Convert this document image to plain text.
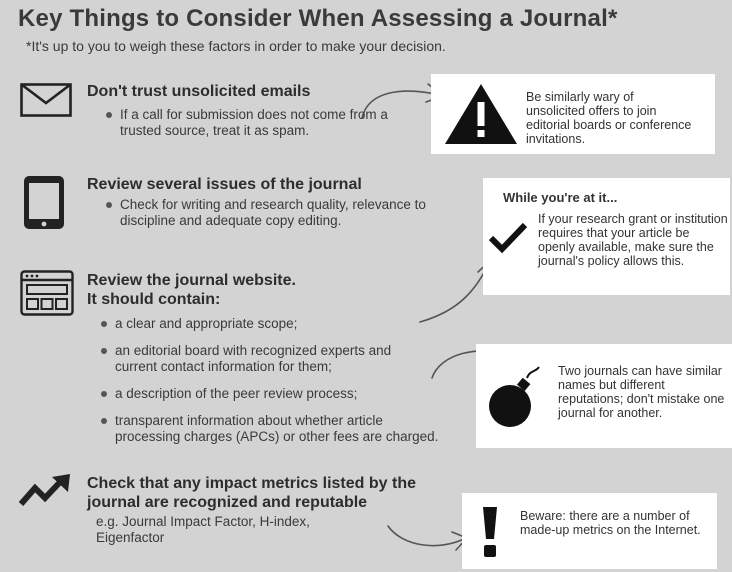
Key Things to Consider When Assessing a Journal*
*It's up to you to weigh these factors in order to make your decision.
Don't trust unsolicited emails
If a call for submission does not come from a trusted source, treat it as spam.
Review several issues of the journal
Check for writing and research quality, relevance to discipline and adequate copy editing.
Review the journal website.
It should contain:
a clear and appropriate scope;
an editorial board with recognized experts and current contact information for them;
a description of the peer review process;
transparent information about whether article processing charges (APCs) or other fees are charged.
Check that any impact metrics listed by the journal are recognized and reputable
e.g. Journal Impact Factor, H-index, Eigenfactor
Be similarly wary of unsolicited offers to join editorial boards or conference invitations.
While you're at it...
If your research grant or institution requires that your article be openly available, make sure the journal's policy allows this.
Two journals can have similar names but different reputations; don't mistake one journal for another.
Beware: there are a number of made-up metrics on the Internet.
